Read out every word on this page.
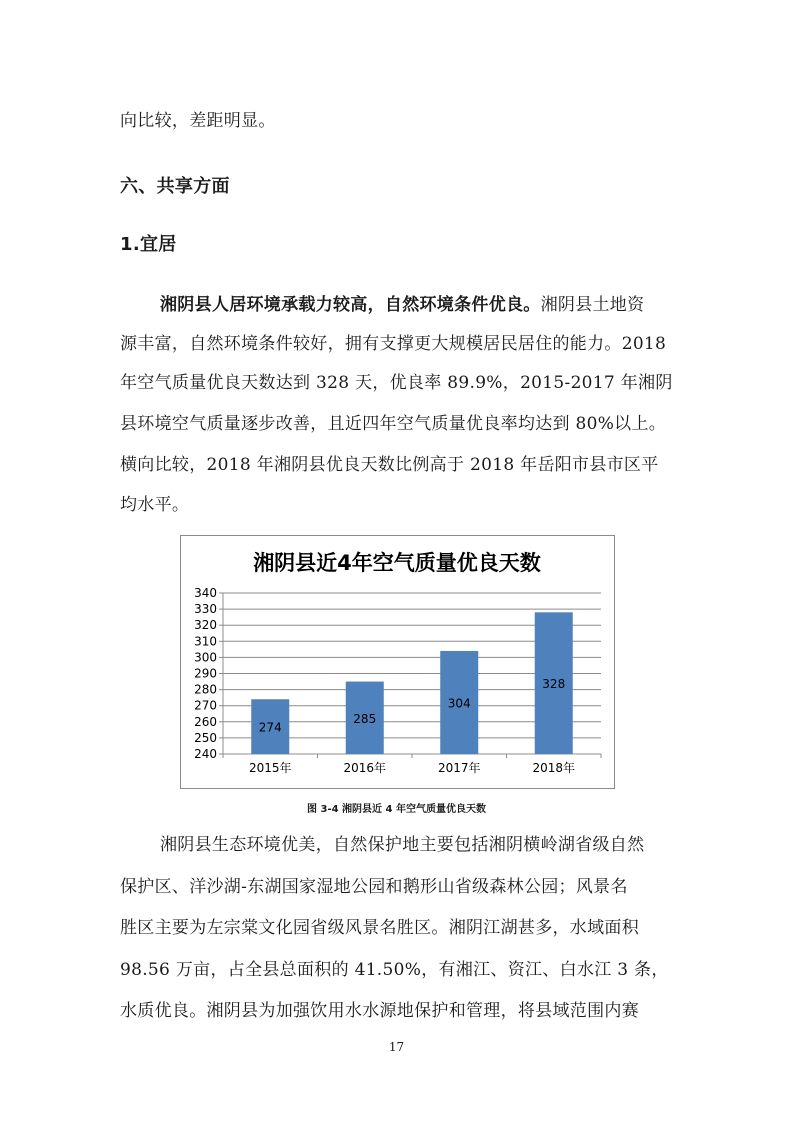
向比较，差距明显。
六、共享方面
1.宜居
湘阴县人居环境承载力较高，自然环境条件优良。湘阴县土地资
源丰富，自然环境条件较好，拥有支撑更大规模居民居住的能力。2018
年空气质量优良天数达到 328 天，优良率 89.9%，2015-2017 年湘阴
县环境空气质量逐步改善，且近四年空气质量优良率均达到 80%以上。
横向比较，2018 年湘阴县优良天数比例高于 2018 年岳阳市县市区平
均水平。
湘阴县近4年空气质量优良天数
240
250
260
270
280
290
300
310
320
330
340
274
2015年
285
2016年
304
2017年
328
2018年
图 3-4 湘阴县近 4 年空气质量优良天数
湘阴县生态环境优美，自然保护地主要包括湘阴横岭湖省级自然
保护区、洋沙湖-东湖国家湿地公园和鹅形山省级森林公园；风景名
胜区主要为左宗棠文化园省级风景名胜区。湘阴江湖甚多，水域面积
98.56 万亩，占全县总面积的 41.50%，有湘江、资江、白水江 3 条，
水质优良。湘阴县为加强饮用水水源地保护和管理，将县域范围内赛
17
